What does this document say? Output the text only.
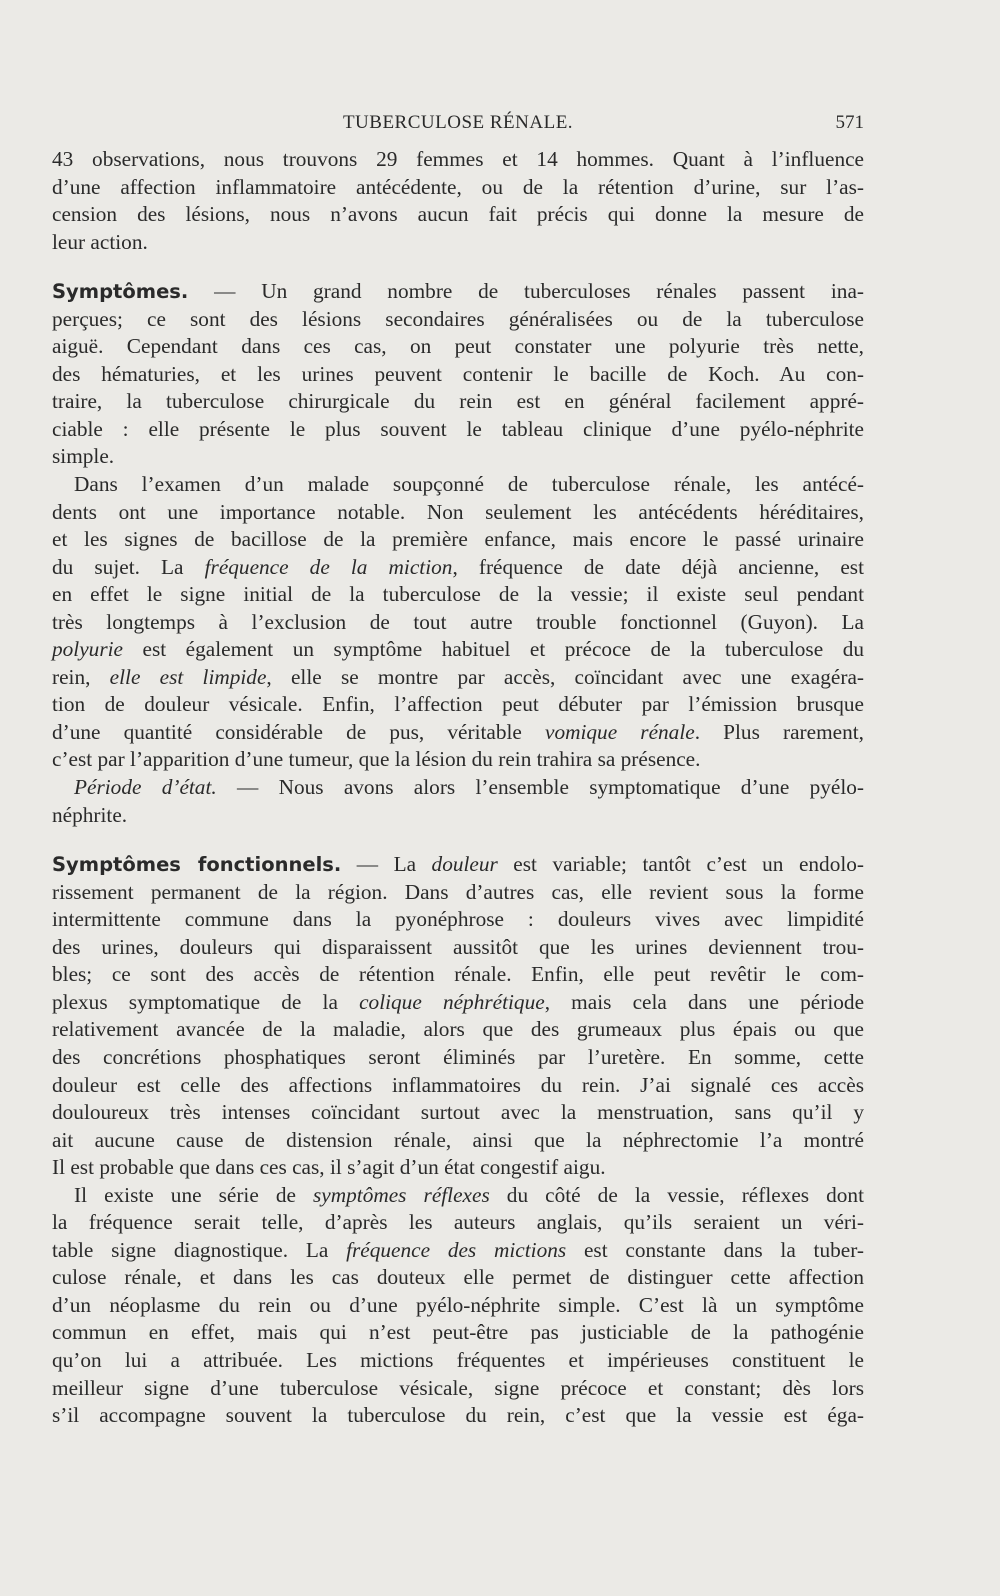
TUBERCULOSE RÉNALE.	571
43 observations, nous trouvons 29 femmes et 14 hommes. Quant à l’influence
d’une affection inflammatoire antécédente, ou de la rétention d’urine, sur l’as-
cension des lésions, nous n’avons aucun fait précis qui donne la mesure de
leur action.
Symptômes. — Un grand nombre de tuberculoses rénales passent ina-
perçues; ce sont des lésions secondaires généralisées ou de la tuberculose
aiguë. Cependant dans ces cas, on peut constater une polyurie très nette,
des hématuries, et les urines peuvent contenir le bacille de Koch. Au con-
traire, la tuberculose chirurgicale du rein est en général facilement appré-
ciable : elle présente le plus souvent le tableau clinique d’une pyélo-néphrite
simple.
Dans l’examen d’un malade soupçonné de tuberculose rénale, les antécé-
dents ont une importance notable. Non seulement les antécédents héréditaires,
et les signes de bacillose de la première enfance, mais encore le passé urinaire
du sujet. La fréquence de la miction, fréquence de date déjà ancienne, est
en effet le signe initial de la tuberculose de la vessie; il existe seul pendant
très longtemps à l’exclusion de tout autre trouble fonctionnel (Guyon). La
polyurie est également un symptôme habituel et précoce de la tuberculose du
rein, elle est limpide, elle se montre par accès, coïncidant avec une exagéra-
tion de douleur vésicale. Enfin, l’affection peut débuter par l’émission brusque
d’une quantité considérable de pus, véritable vomique rénale. Plus rarement,
c’est par l’apparition d’une tumeur, que la lésion du rein trahira sa présence.
Période d’état. — Nous avons alors l’ensemble symptomatique d’une pyélo-
néphrite.
Symptômes fonctionnels. — La douleur est variable; tantôt c’est un endolo-
rissement permanent de la région. Dans d’autres cas, elle revient sous la forme
intermittente commune dans la pyonéphrose : douleurs vives avec limpidité
des urines, douleurs qui disparaissent aussitôt que les urines deviennent trou-
bles; ce sont des accès de rétention rénale. Enfin, elle peut revêtir le com-
plexus symptomatique de la colique néphrétique, mais cela dans une période
relativement avancée de la maladie, alors que des grumeaux plus épais ou que
des concrétions phosphatiques seront éliminés par l’uretère. En somme, cette
douleur est celle des affections inflammatoires du rein. J’ai signalé ces accès
douloureux très intenses coïncidant surtout avec la menstruation, sans qu’il y
ait aucune cause de distension rénale, ainsi que la néphrectomie l’a montré
Il est probable que dans ces cas, il s’agit d’un état congestif aigu.
Il existe une série de symptômes réflexes du côté de la vessie, réflexes dont
la fréquence serait telle, d’après les auteurs anglais, qu’ils seraient un véri-
table signe diagnostique. La fréquence des mictions est constante dans la tuber-
culose rénale, et dans les cas douteux elle permet de distinguer cette affection
d’un néoplasme du rein ou d’une pyélo-néphrite simple. C’est là un symptôme
commun en effet, mais qui n’est peut-être pas justiciable de la pathogénie
qu’on lui a attribuée. Les mictions fréquentes et impérieuses constituent le
meilleur signe d’une tuberculose vésicale, signe précoce et constant; dès lors
s’il accompagne souvent la tuberculose du rein, c’est que la vessie est éga-
